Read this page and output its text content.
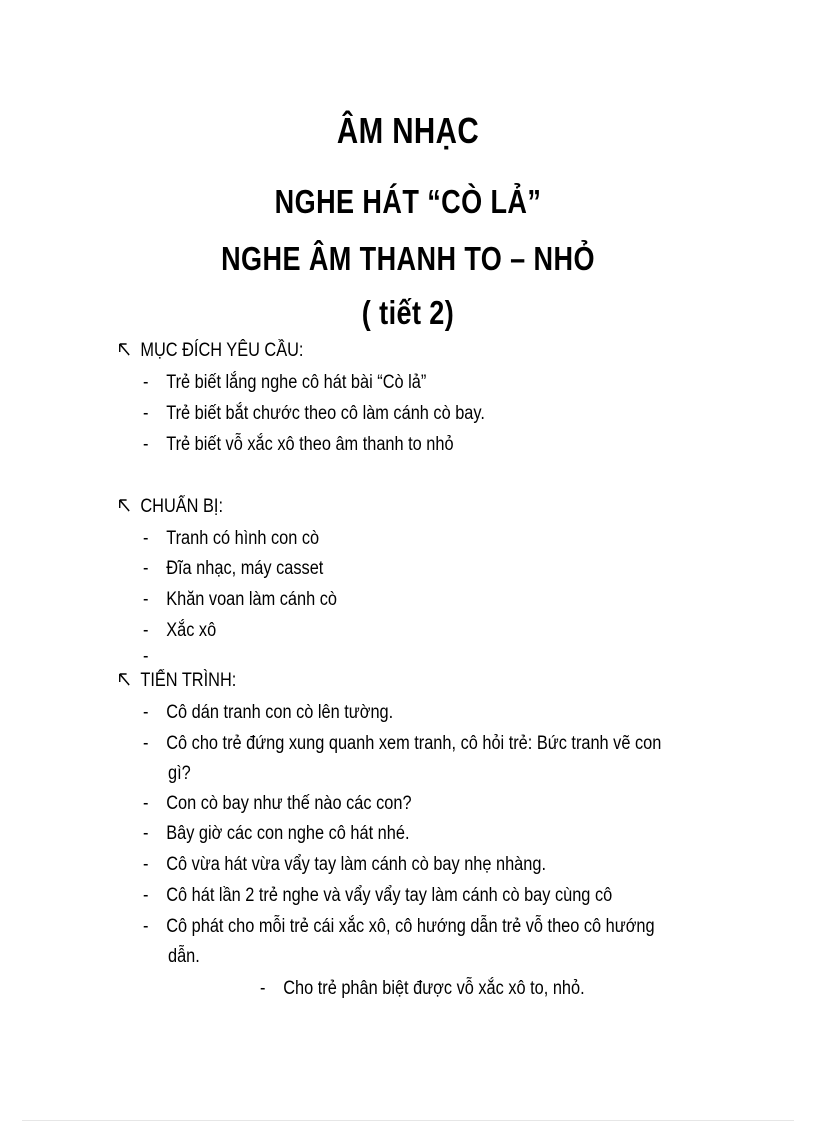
ÂM NHẠC
NGHE HÁT “CÒ LẢ”
NGHE ÂM THANH TO – NHỎ
( tiết 2)
MỤC ĐÍCH YÊU CẦU:
- Trẻ biết lắng nghe cô hát bài “Cò lả”
- Trẻ biết bắt chước theo cô làm cánh cò bay.
- Trẻ biết vỗ xắc xô theo âm thanh to nhỏ
CHUẨN BỊ:
- Tranh có hình con cò
- Đĩa nhạc, máy casset
- Khăn voan làm cánh cò
- Xắc xô
-
TIẾN TRÌNH:
- Cô dán tranh con cò lên tường.
- Cô cho trẻ đứng xung quanh xem tranh, cô hỏi trẻ: Bức tranh vẽ con
gì?
- Con cò bay như thế nào các con?
- Bây giờ các con nghe cô hát nhé.
- Cô vừa hát vừa vẩy tay làm cánh cò bay nhẹ nhàng.
- Cô hát lần 2 trẻ nghe và vẩy vẩy tay làm cánh cò bay cùng cô
- Cô phát cho mỗi trẻ cái xắc xô, cô hướng dẫn trẻ vỗ theo cô hướng
dẫn.
- Cho trẻ phân biệt được vỗ xắc xô to, nhỏ.
